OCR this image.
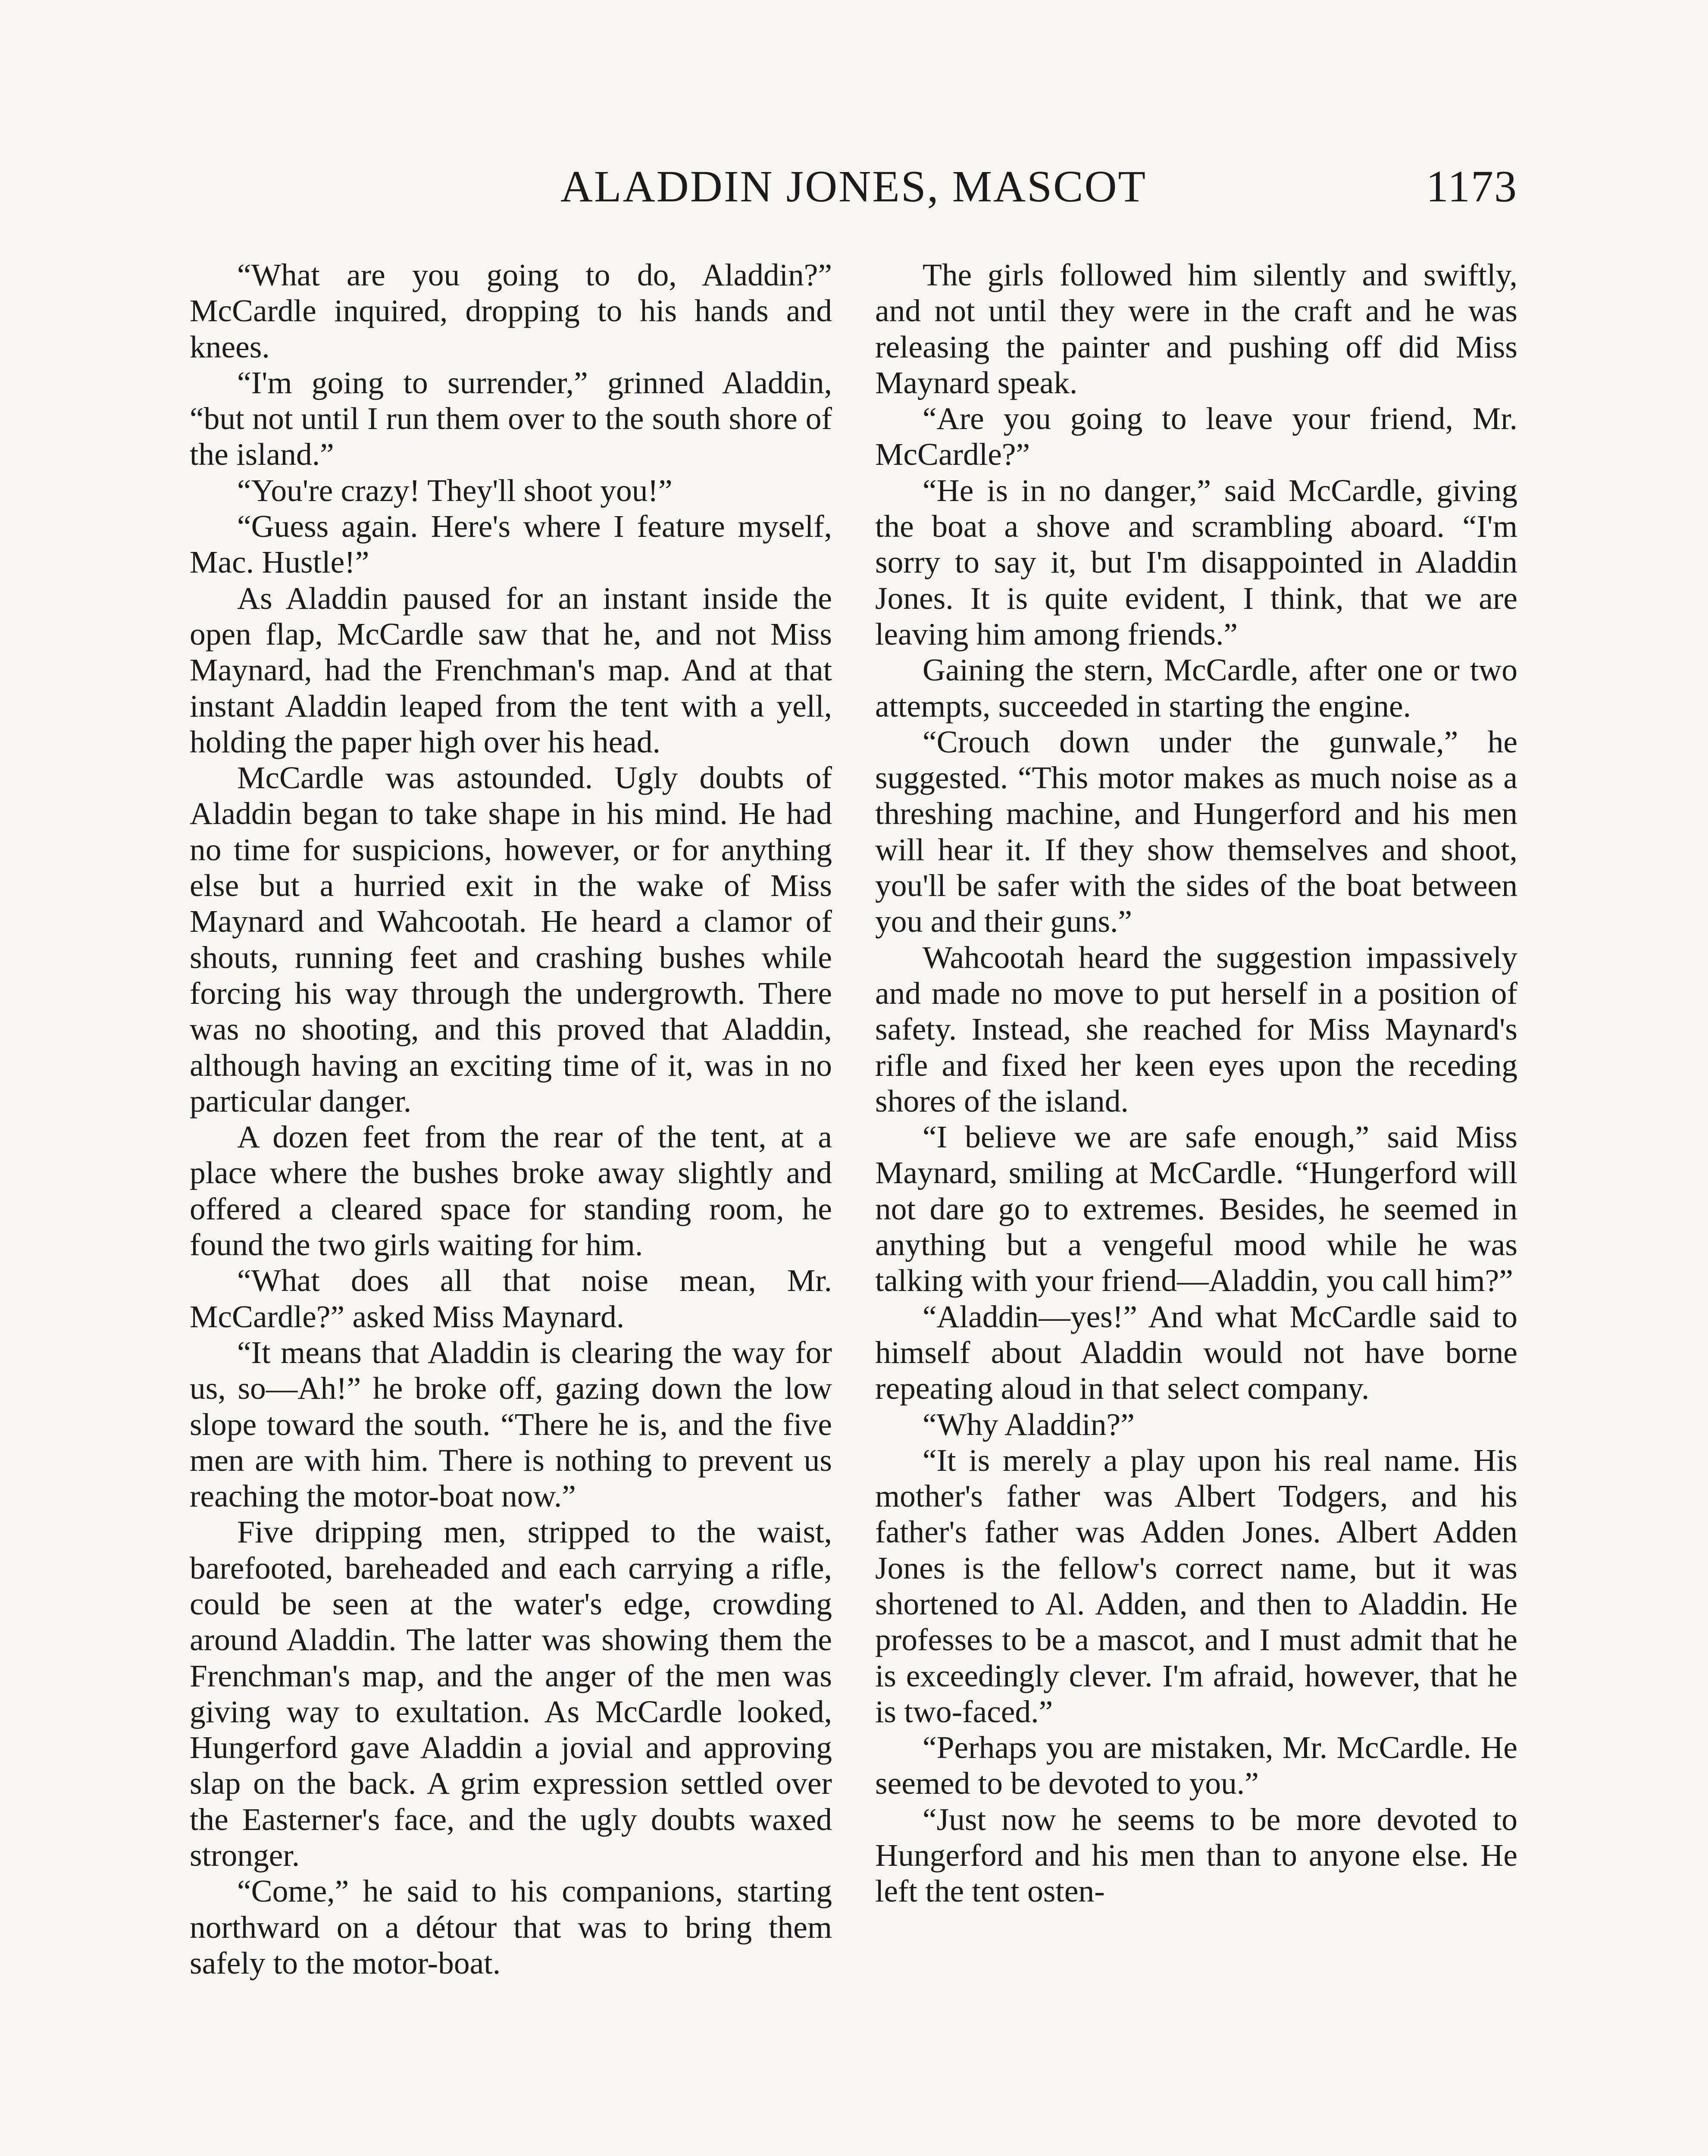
ALADDIN JONES, MASCOT	1173

“What are you going to do, Aladdin?” McCardle inquired, dropping to his hands and knees.

“I'm going to surrender,” grinned Aladdin, “but not until I run them over to the south shore of the island.”

“You're crazy! They'll shoot you!”

“Guess again. Here's where I feature myself, Mac. Hustle!”

As Aladdin paused for an instant inside the open flap, McCardle saw that he, and not Miss Maynard, had the Frenchman's map. And at that instant Aladdin leaped from the tent with a yell, holding the paper high over his head.

McCardle was astounded. Ugly doubts of Aladdin began to take shape in his mind. He had no time for suspicions, however, or for anything else but a hurried exit in the wake of Miss Maynard and Wahcootah. He heard a clamor of shouts, running feet and crashing bushes while forcing his way through the undergrowth. There was no shooting, and this proved that Aladdin, although having an exciting time of it, was in no particular danger.

A dozen feet from the rear of the tent, at a place where the bushes broke away slightly and offered a cleared space for standing room, he found the two girls waiting for him.

“What does all that noise mean, Mr. McCardle?” asked Miss Maynard.

“It means that Aladdin is clearing the way for us, so—Ah!” he broke off, gazing down the low slope toward the south. “There he is, and the five men are with him. There is nothing to prevent us reaching the motor-boat now.”

Five dripping men, stripped to the waist, barefooted, bareheaded and each carrying a rifle, could be seen at the water's edge, crowding around Aladdin. The latter was showing them the Frenchman's map, and the anger of the men was giving way to exultation. As McCardle looked, Hungerford gave Aladdin a jovial and approving slap on the back. A grim expression settled over the Easterner's face, and the ugly doubts waxed stronger.

“Come,” he said to his companions, starting northward on a détour that was to bring them safely to the motor-boat.

The girls followed him silently and swiftly, and not until they were in the craft and he was releasing the painter and pushing off did Miss Maynard speak.

“Are you going to leave your friend, Mr. McCardle?”

“He is in no danger,” said McCardle, giving the boat a shove and scrambling aboard. “I'm sorry to say it, but I'm disappointed in Aladdin Jones. It is quite evident, I think, that we are leaving him among friends.”

Gaining the stern, McCardle, after one or two attempts, succeeded in starting the engine.

“Crouch down under the gunwale,” he suggested. “This motor makes as much noise as a threshing machine, and Hungerford and his men will hear it. If they show themselves and shoot, you'll be safer with the sides of the boat between you and their guns.”

Wahcootah heard the suggestion impassively and made no move to put herself in a position of safety. Instead, she reached for Miss Maynard's rifle and fixed her keen eyes upon the receding shores of the island.

“I believe we are safe enough,” said Miss Maynard, smiling at McCardle. “Hungerford will not dare go to extremes. Besides, he seemed in anything but a vengeful mood while he was talking with your friend—Aladdin, you call him?”

“Aladdin—yes!” And what McCardle said to himself about Aladdin would not have borne repeating aloud in that select company.

“Why Aladdin?”

“It is merely a play upon his real name. His mother's father was Albert Todgers, and his father's father was Adden Jones. Albert Adden Jones is the fellow's correct name, but it was shortened to Al. Adden, and then to Aladdin. He professes to be a mascot, and I must admit that he is exceedingly clever. I'm afraid, however, that he is two-faced.”

“Perhaps you are mistaken, Mr. McCardle. He seemed to be devoted to you.”

“Just now he seems to be more devoted to Hungerford and his men than to anyone else. He left the tent osten-
